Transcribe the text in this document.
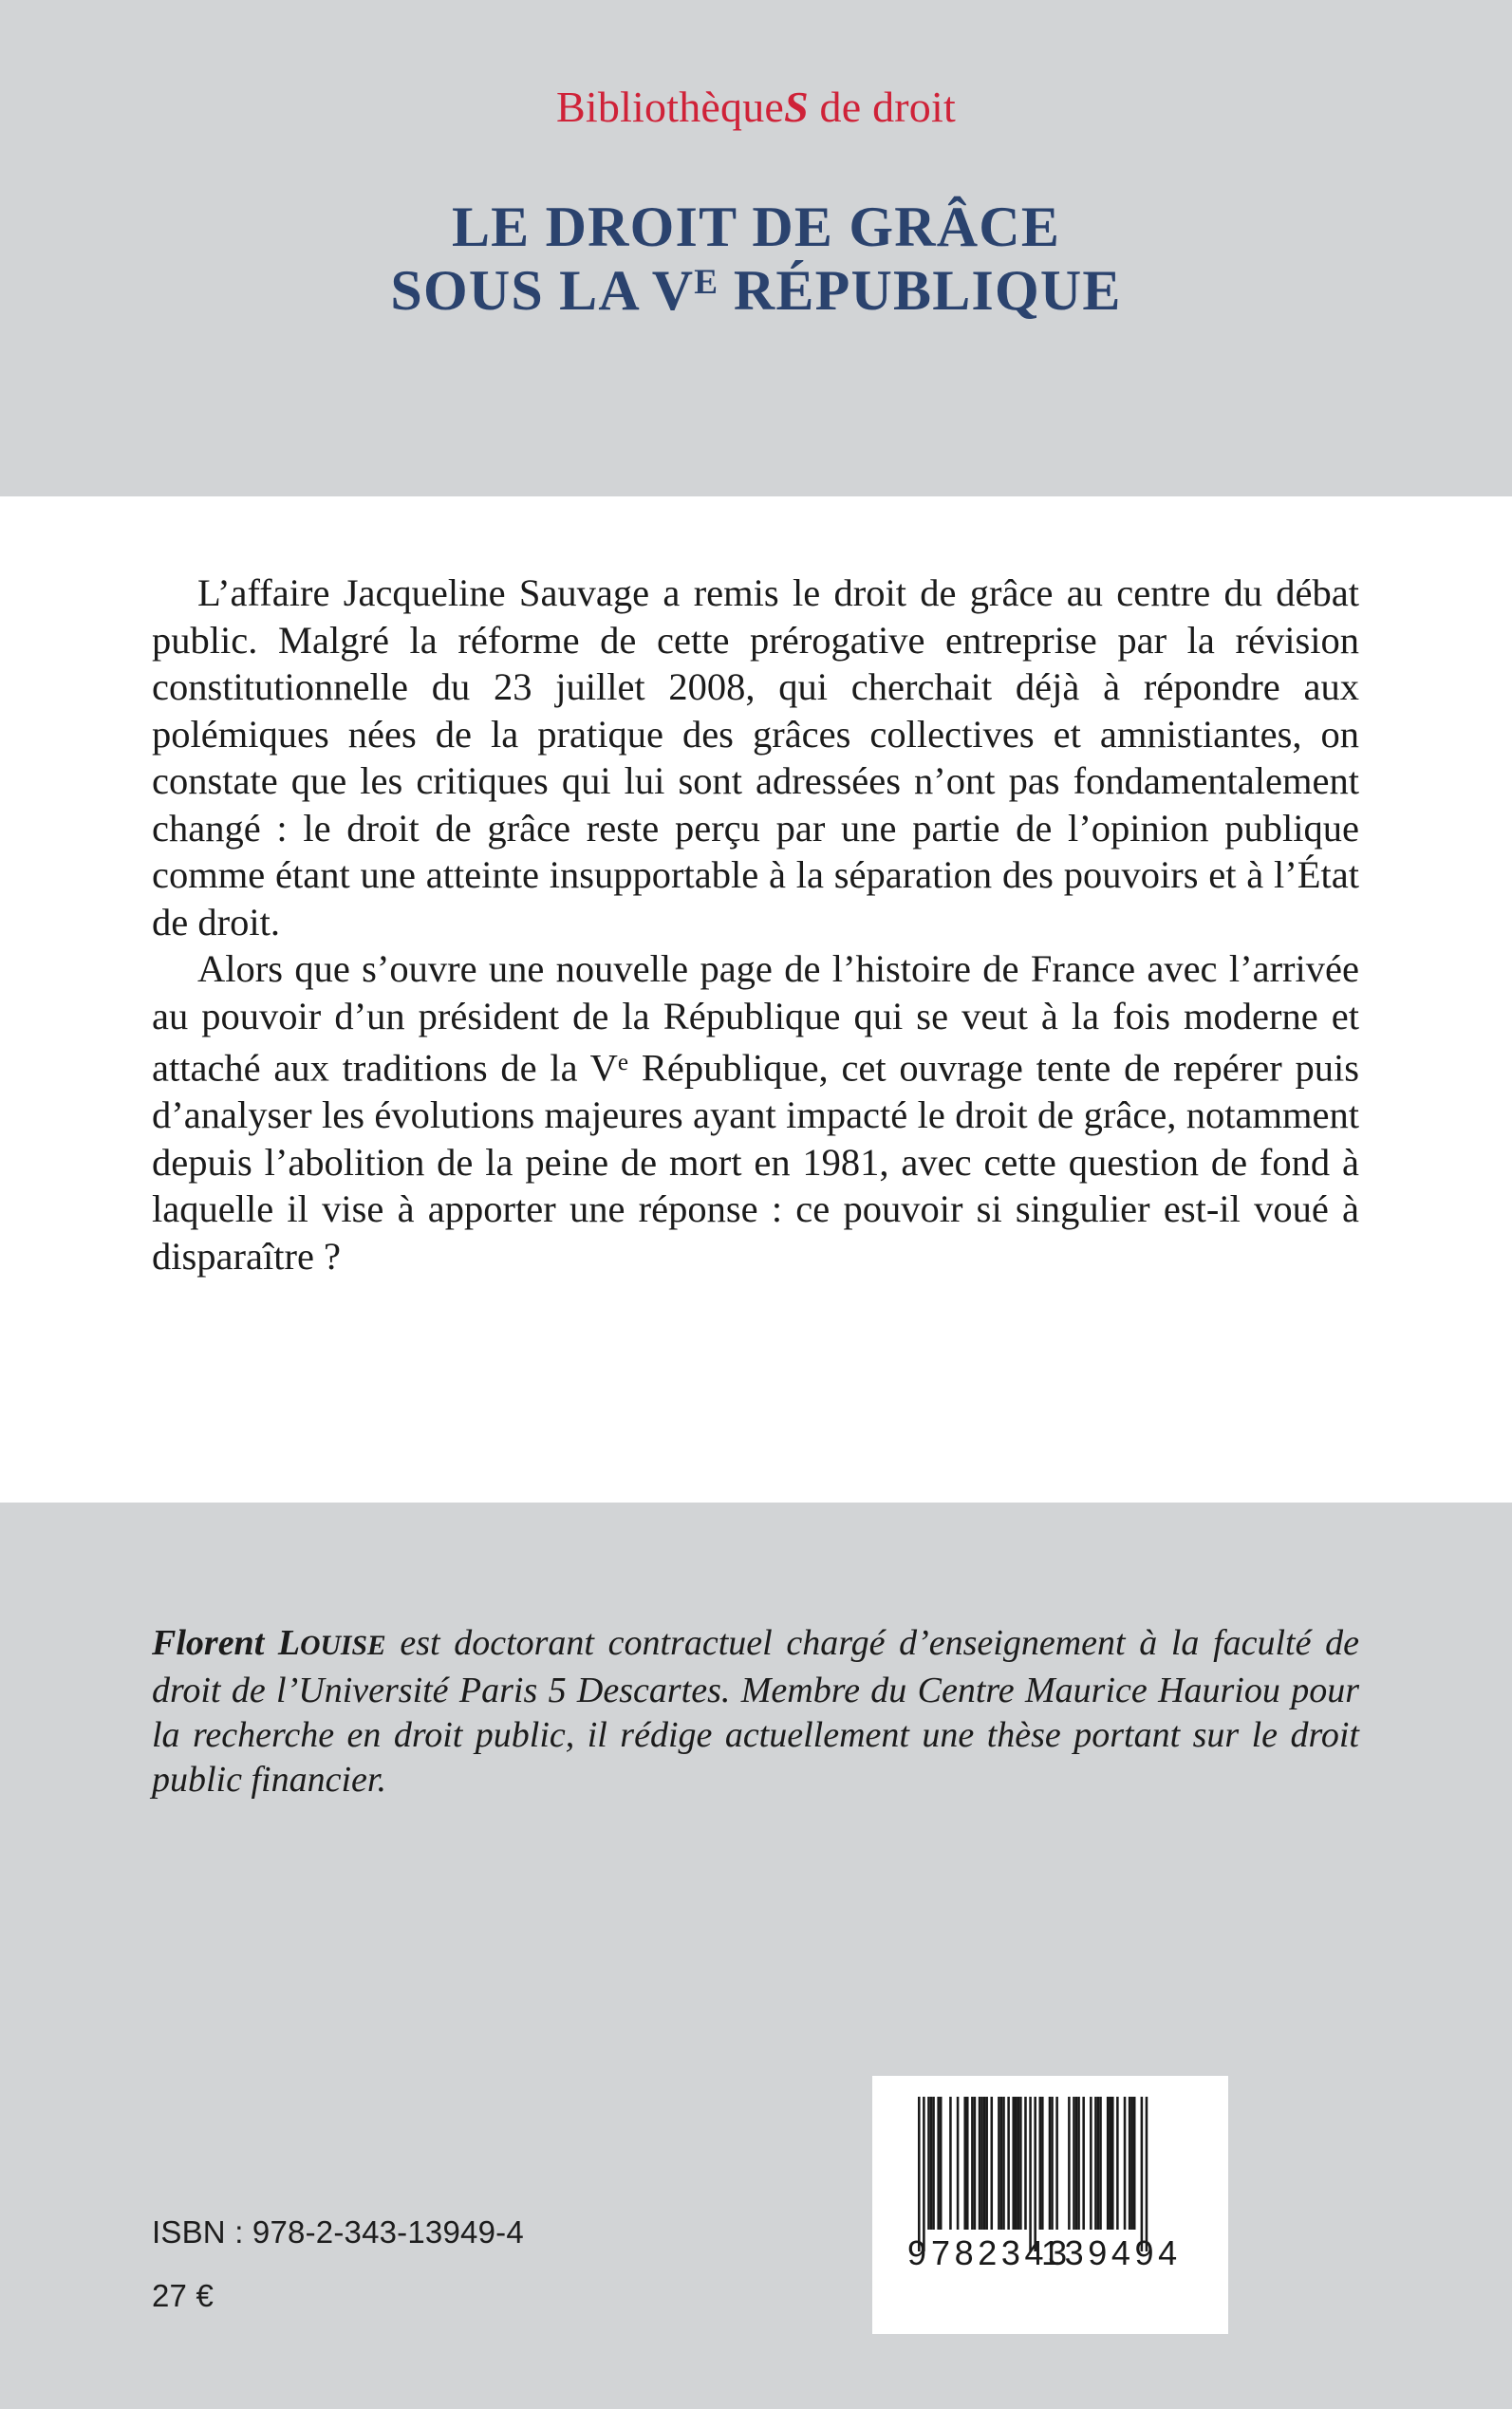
BibliothèqueS de droit
LE DROIT DE GRÂCE
SOUS LA $V^E$ RÉPUBLIQUE

L’affaire Jacqueline Sauvage a remis le droit de grâce au centre du débat public. Malgré la réforme de cette prérogative entreprise par la révision constitutionnelle du 23 juillet 2008, qui cherchait déjà à répondre aux polémiques nées de la pratique des grâces collectives et amnistiantes, on constate que les critiques qui lui sont adressées n’ont pas fondamentalement changé : le droit de grâce reste perçu par une partie de l’opinion publique comme étant une atteinte insupportable à la séparation des pouvoirs et à l’État de droit.

Alors que s’ouvre une nouvelle page de l’histoire de France avec l’arrivée au pouvoir d’un président de la République qui se veut à la fois moderne et attaché aux traditions de la Ve République, cet ouvrage tente de repérer puis d’analyser les évolutions majeures ayant impacté le droit de grâce, notamment depuis l’abolition de la peine de mort en 1981, avec cette question de fond à laquelle il vise à apporter une réponse : ce pouvoir si singulier est-il voué à disparaître ?

Florent LOUISE est doctorant contractuel chargé d’enseignement à la faculté de droit de l’Université Paris 5 Descartes. Membre du Centre Maurice Hauriou pour la recherche en droit public, il rédige actuellement une thèse portant sur le droit public financier.

ISBN : 978-2-343-13949-4
27 €
9 782343
139494
